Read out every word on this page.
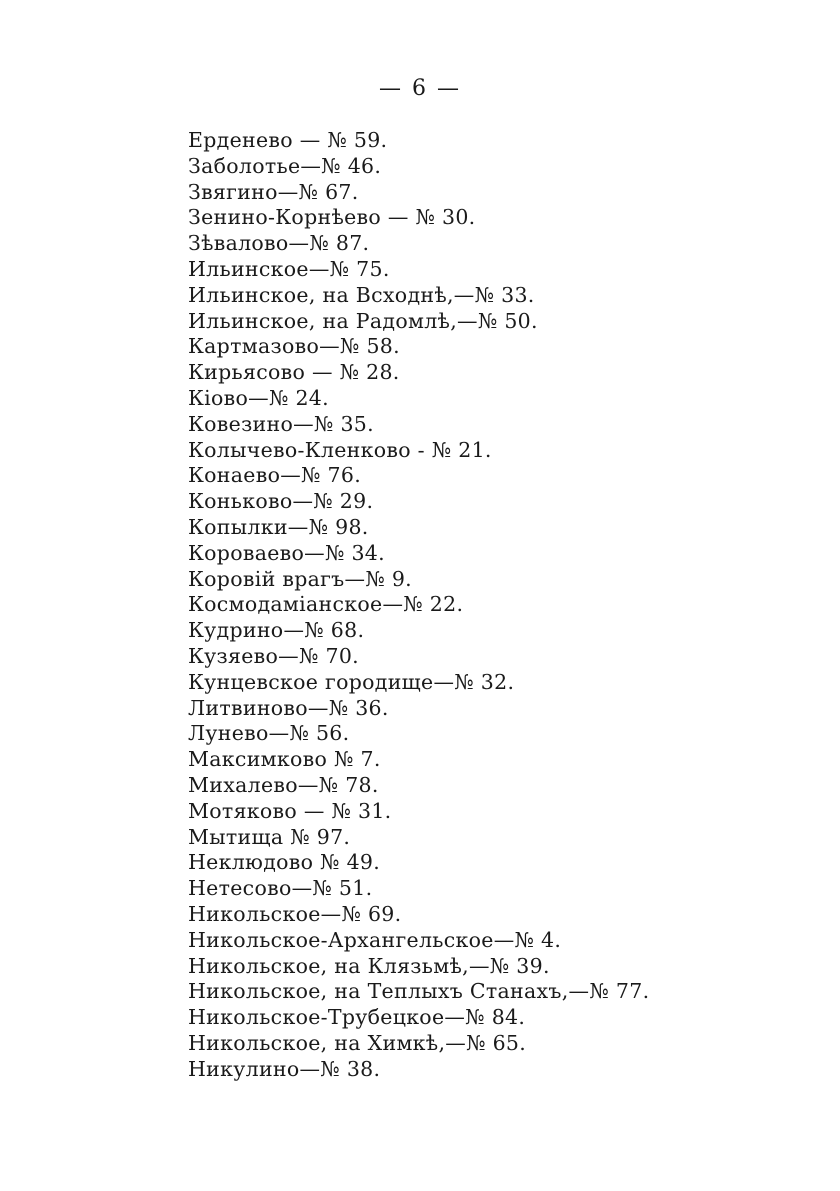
— 6 —
Ерденево — № 59.
Заболотье—№ 46.
Звягино—№ 67.
Зенино-Корнѣево — № 30.
Зѣвалово—№ 87.
Ильинское—№ 75.
Ильинское, на Всходнѣ,—№ 33.
Ильинское, на Радомлѣ,—№ 50.
Картмазово—№ 58.
Кирьясово — № 28.
Кіово—№ 24.
Ковезино—№ 35.
Колычево-Кленково - № 21.
Конаево—№ 76.
Коньково—№ 29.
Копылки—№ 98.
Короваево—№ 34.
Коровій врагъ—№ 9.
Космодаміанское—№ 22.
Кудрино—№ 68.
Кузяево—№ 70.
Кунцевское городище—№ 32.
Литвиново—№ 36.
Лунево—№ 56.
Максимково № 7.
Михалево—№ 78.
Мотяково — № 31.
Мытища № 97.
Неклюдово № 49.
Нетесово—№ 51.
Никольское—№ 69.
Никольское-Архангельское—№ 4.
Никольское, на Клязьмѣ,—№ 39.
Никольское, на Теплыхъ Станахъ,—№ 77.
Никольское-Трубецкое—№ 84.
Никольское, на Химкѣ,—№ 65.
Никулино—№ 38.
